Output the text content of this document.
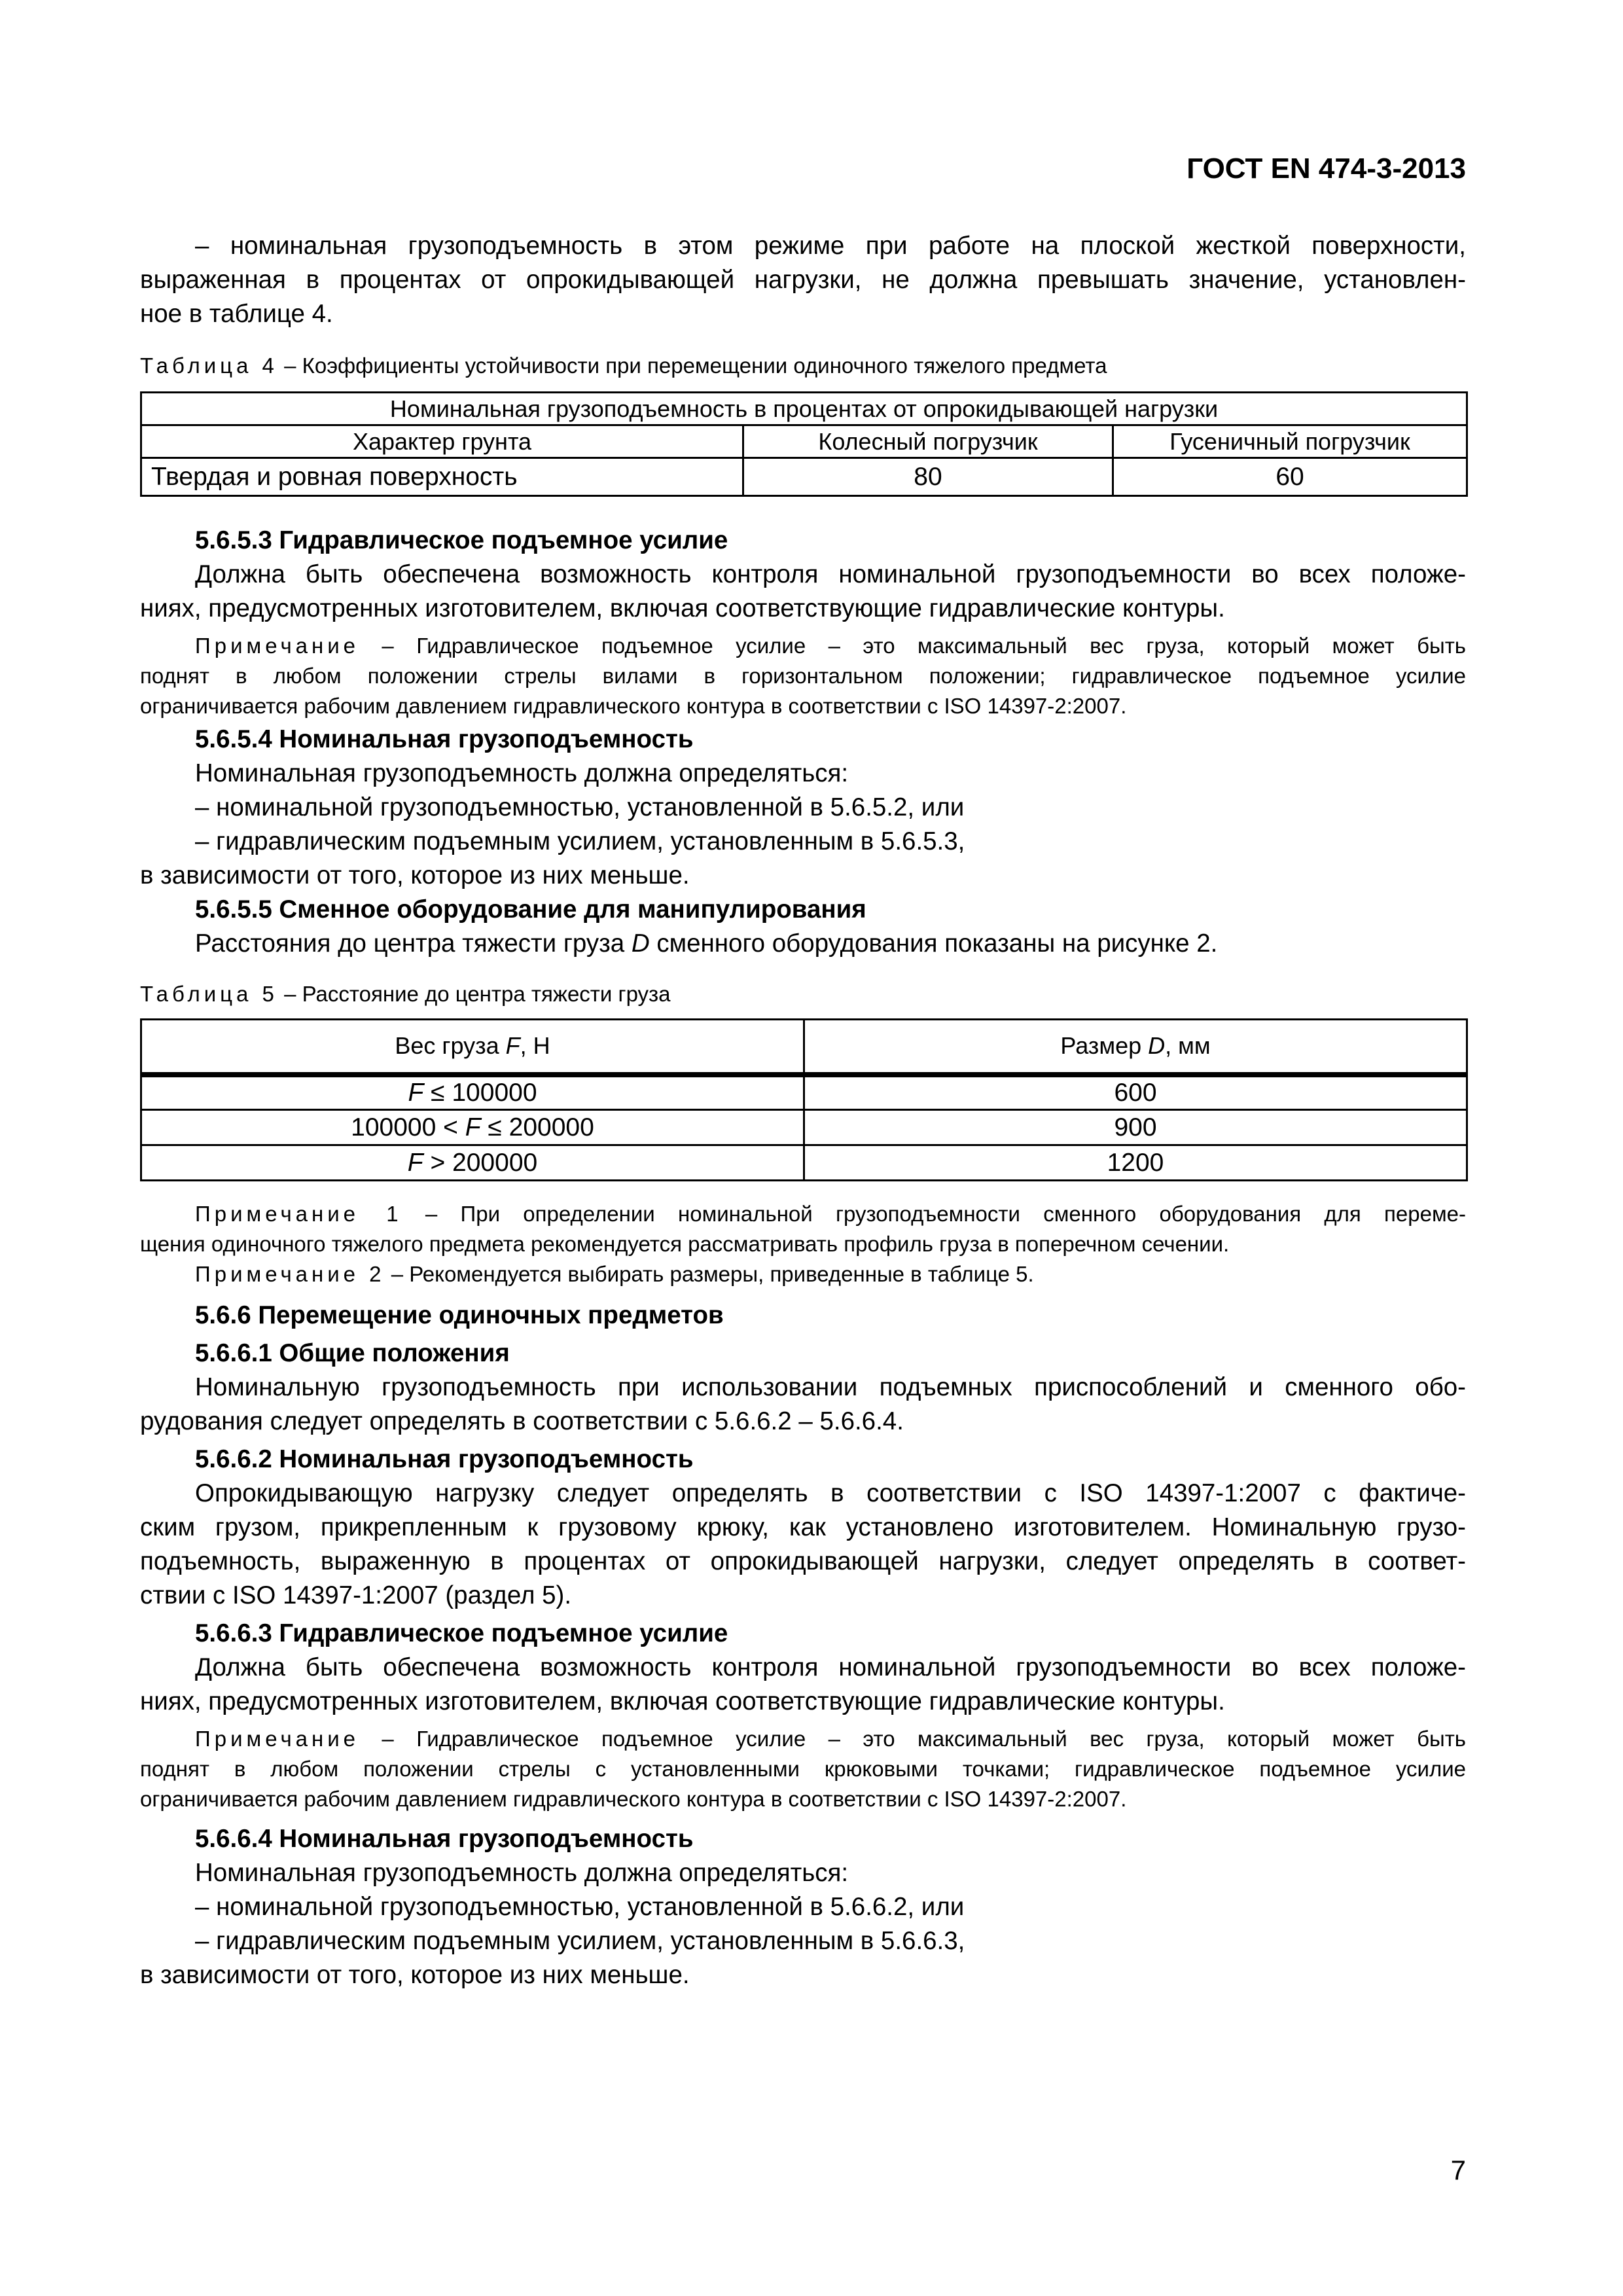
ГОСТ EN 474-3-2013
– номинальная грузоподъемность в этом режиме при работе на плоской жесткой поверхности,
выраженная в процентах от опрокидывающей нагрузки, не должна превышать значение, установлен-
ное в таблице 4.
Таблица 4 – Коэффициенты устойчивости при перемещении одиночного тяжелого предмета
Номинальная грузоподъемность в процентах от опрокидывающей нагрузки		
Характер грунта	Колесный погрузчик	Гусеничный погрузчик
Твердая и ровная поверхность	80	60
5.6.5.3 Гидравлическое подъемное усилие
Должна быть обеспечена возможность контроля номинальной грузоподъемности во всех положе-
ниях, предусмотренных изготовителем, включая соответствующие гидравлические контуры.
Примечание – Гидравлическое подъемное усилие – это максимальный вес груза, который может быть
поднят в любом положении стрелы вилами в горизонтальном положении; гидравлическое подъемное усилие
ограничивается рабочим давлением гидравлического контура в соответствии с ISO 14397-2:2007.
5.6.5.4 Номинальная грузоподъемность
Номинальная грузоподъемность должна определяться:
– номинальной грузоподъемностью, установленной в 5.6.5.2, или
– гидравлическим подъемным усилием, установленным в 5.6.5.3,
в зависимости от того, которое из них меньше.
5.6.5.5 Сменное оборудование для манипулирования
Расстояния до центра тяжести груза D сменного оборудования показаны на рисунке 2.
Таблица 5 – Расстояние до центра тяжести груза
Вес груза F, Н	Размер D, мм
F ≤ 100000	600
100000 < F ≤ 200000	900
F > 200000	1200
Примечание 1 – При определении номинальной грузоподъемности сменного оборудования для переме-
щения одиночного тяжелого предмета рекомендуется рассматривать профиль груза в поперечном сечении.
Примечание 2 – Рекомендуется выбирать размеры, приведенные в таблице 5.
5.6.6 Перемещение одиночных предметов
5.6.6.1 Общие положения
Номинальную грузоподъемность при использовании подъемных приспособлений и сменного обо-
рудования следует определять в соответствии с 5.6.6.2 – 5.6.6.4.
5.6.6.2 Номинальная грузоподъемность
Опрокидывающую нагрузку следует определять в соответствии с ISO 14397-1:2007 с фактиче-
ским грузом, прикрепленным к грузовому крюку, как установлено изготовителем. Номинальную грузо-
подъемность, выраженную в процентах от опрокидывающей нагрузки, следует определять в соответ-
ствии с ISO 14397-1:2007 (раздел 5).
5.6.6.3 Гидравлическое подъемное усилие
Должна быть обеспечена возможность контроля номинальной грузоподъемности во всех положе-
ниях, предусмотренных изготовителем, включая соответствующие гидравлические контуры.
Примечание – Гидравлическое подъемное усилие – это максимальный вес груза, который может быть
поднят в любом положении стрелы с установленными крюковыми точками; гидравлическое подъемное усилие
ограничивается рабочим давлением гидравлического контура в соответствии с ISO 14397-2:2007.
5.6.6.4 Номинальная грузоподъемность
Номинальная грузоподъемность должна определяться:
– номинальной грузоподъемностью, установленной в 5.6.6.2, или
– гидравлическим подъемным усилием, установленным в 5.6.6.3,
в зависимости от того, которое из них меньше.
7
